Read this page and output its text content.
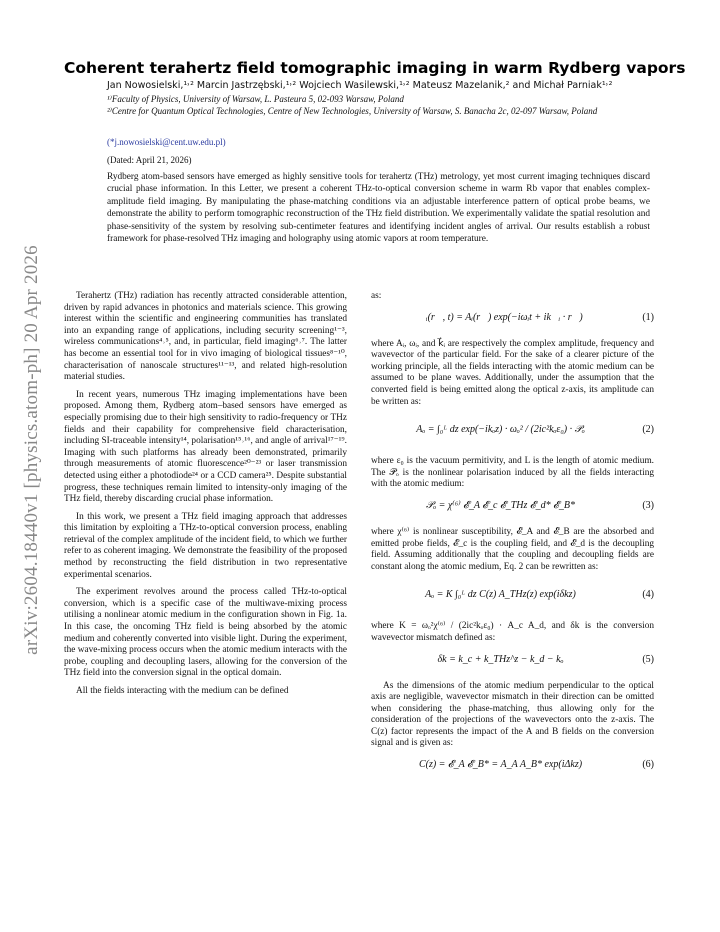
arXiv:2604.18440v1 [physics.atom-ph] 20 Apr 2026
Coherent terahertz field tomographic imaging in warm Rydberg vapors
Jan Nowosielski,¹˒² Marcin Jastrzębski,¹˒² Wojciech Wasilewski,¹˒² Mateusz Mazelanik,² and Michał Parniak¹˒²
¹⁾Faculty of Physics, University of Warsaw, L. Pasteura 5, 02-093 Warsaw, Poland
²⁾Centre for Quantum Optical Technologies, Centre of New Technologies, University of Warsaw, S. Banacha 2c, 02-097 Warsaw, Poland
(*j.nowosielski@cent.uw.edu.pl)
(Dated: April 21, 2026)
Rydberg atom-based sensors have emerged as highly sensitive tools for terahertz (THz) metrology, yet most current imaging techniques discard crucial phase information. In this Letter, we present a coherent THz-to-optical conversion scheme in warm Rb vapor that enables complex-amplitude field imaging. By manipulating the phase-matching conditions via an adjustable interference pattern of optical probe beams, we demonstrate the ability to perform tomographic reconstruction of the THz field distribution. We experimentally validate the spatial resolution and phase-sensitivity of the system by resolving sub-centimeter features and identifying incident angles of arrival. Our results establish a robust framework for phase-resolved THz imaging and holography using atomic vapors at room temperature.

Terahertz (THz) radiation has recently attracted considerable attention, driven by rapid advances in photonics and materials science. This growing interest within the scientific and engineering communities has translated into an expanding range of applications, including security screening¹⁻³, wireless communications⁴˒⁵, and, in particular, field imaging⁶˒⁷. The latter has become an essential tool for in vivo imaging of biological tissues⁸⁻¹⁰, characterisation of nanoscale structures¹¹⁻¹³, and related high-resolution material studies.

In recent years, numerous THz imaging implementations have been proposed. Among them, Rydberg atom–based sensors have emerged as especially promising due to their high sensitivity to radio-frequency or THz fields and their capability for comprehensive field characterisation, including SI-traceable intensity¹⁴, polarisation¹⁵˒¹⁶, and angle of arrival¹⁷⁻¹⁹. Imaging with such platforms has already been demonstrated, primarily through measurements of atomic fluorescence²⁰⁻²³ or laser transmission detected using either a photodiode²⁴ or a CCD camera²⁵. Despite substantial progress, these techniques remain limited to intensity-only imaging of the THz field, thereby discarding crucial phase information.

In this work, we present a THz field imaging approach that addresses this limitation by exploiting a THz-to-optical conversion process, enabling retrieval of the complex amplitude of the incident field, to which we further refer to as coherent imaging. We demonstrate the feasibility of the proposed method by reconstructing the field distribution in two representative experimental scenarios.

The experiment revolves around the process called THz-to-optical conversion, which is a specific case of the multiwave-mixing process utilising a nonlinear atomic medium in the configuration shown in Fig. 1a. In this case, the oncoming THz field is being absorbed by the atomic medium and coherently converted into visible light. During the experiment, the wave-mixing process occurs when the atomic medium interacts with the probe, coupling and decoupling lasers, allowing for the conversion of the THz field into the conversion signal in the optical domain.

All the fields interacting with the medium can be defined

as:

𝓔ᵢ(r⃗, t) = Aᵢ(r⃗) exp(−iωᵢt + ik⃗ᵢ · r⃗)	(1)

where Aᵢ, ωᵢ, and k⃗ᵢ are respectively the complex amplitude, frequency and wavevector of the particular field. For the sake of a clearer picture of the working principle, all the fields interacting with the atomic medium can be assumed to be plane waves. Additionally, under the assumption that the converted field is being emitted along the optical z-axis, its amplitude can be written as:

Aₒ = ∫₀ᴸ dz exp(−ikₒz) · ωₒ² / (2ic²kₒε₀) · 𝒫ₒ	(2)

where ε₀ is the vacuum permitivity, and L is the length of atomic medium. The 𝒫ₒ is the nonlinear polarisation induced by all the fields interacting with the atomic medium:

𝒫ₒ = χ⁽⁶⁾ 𝓔_A 𝓔_c 𝓔_THz 𝓔_d* 𝓔_B*	(3)

where χ⁽⁶⁾ is nonlinear susceptibility, 𝓔_A and 𝓔_B are the absorbed and emitted probe fields, 𝓔_c is the coupling field, and 𝓔_d is the decoupling field. Assuming additionally that the coupling and decoupling fields are constant along the atomic medium, Eq. 2 can be rewritten as:

Aₒ = K ∫₀ᴸ dz C(z) A_THz(z) exp(iδkz)	(4)

where K = ωₒ²χ⁽⁶⁾ / (2ic²kₒε₀) · A_c A_d, and δk is the conversion wavevector mismatch defined as:

δk = k_c + k_THz^z − k_d − kₒ	(5)

As the dimensions of the atomic medium perpendicular to the optical axis are negligible, wavevector mismatch in their direction can be omitted when considering the phase-matching, thus allowing only for the consideration of the projections of the wavevectors onto the z-axis. The C(z) factor represents the impact of the A and B fields on the conversion signal and is given as:

C(z) = 𝓔_A 𝓔_B* = A_A A_B* exp(iΔkz)	(6)
